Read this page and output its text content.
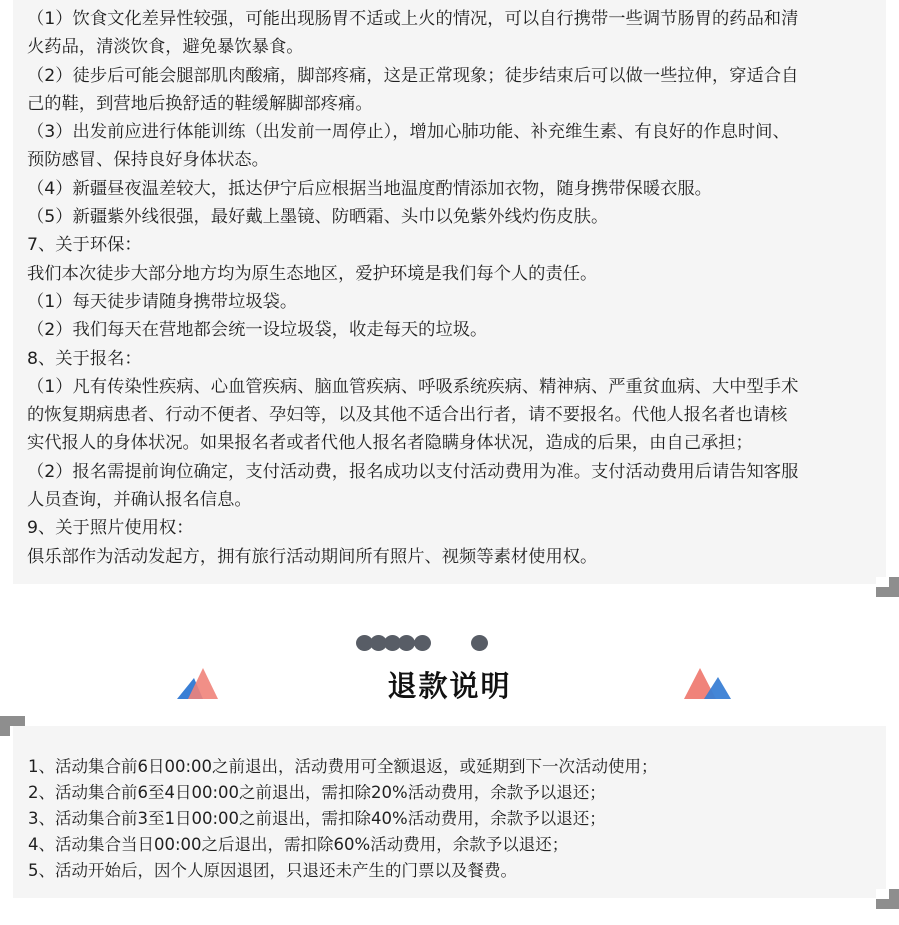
（1）饮食文化差异性较强，可能出现肠胃不适或上火的情况，可以自行携带一些调节肠胃的药品和清

火药品，清淡饮食，避免暴饮暴食。

（2）徒步后可能会腿部肌肉酸痛，脚部疼痛，这是正常现象；徒步结束后可以做一些拉伸，穿适合自

己的鞋，到营地后换舒适的鞋缓解脚部疼痛。

（3）出发前应进行体能训练（出发前一周停止），增加心肺功能、补充维生素、有良好的作息时间、

预防感冒、保持良好身体状态。

（4）新疆昼夜温差较大，抵达伊宁后应根据当地温度酌情添加衣物，随身携带保暖衣服。

（5）新疆紫外线很强，最好戴上墨镜、防晒霜、头巾以免紫外线灼伤皮肤。

7、关于环保：

我们本次徒步大部分地方均为原生态地区，爱护环境是我们每个人的责任。

（1）每天徒步请随身携带垃圾袋。

（2）我们每天在营地都会统一设垃圾袋，收走每天的垃圾。

8、关于报名：

（1）凡有传染性疾病、心血管疾病、脑血管疾病、呼吸系统疾病、精神病、严重贫血病、大中型手术

的恢复期病患者、行动不便者、孕妇等，以及其他不适合出行者，请不要报名。代他人报名者也请核

实代报人的身体状况。如果报名者或者代他人报名者隐瞒身体状况，造成的后果，由自己承担；

（2）报名需提前询位确定，支付活动费，报名成功以支付活动费用为准。支付活动费用后请告知客服

人员查询，并确认报名信息。

9、关于照片使用权：

俱乐部作为活动发起方，拥有旅行活动期间所有照片、视频等素材使用权。

退款说明

1、活动集合前6日00:00之前退出，活动费用可全额退返，或延期到下一次活动使用；

2、活动集合前6至4日00:00之前退出，需扣除20%活动费用，余款予以退还；

3、活动集合前3至1日00:00之前退出，需扣除40%活动费用，余款予以退还；

4、活动集合当日00:00之后退出，需扣除60%活动费用，余款予以退还；

5、活动开始后，因个人原因退团，只退还未产生的门票以及餐费。
